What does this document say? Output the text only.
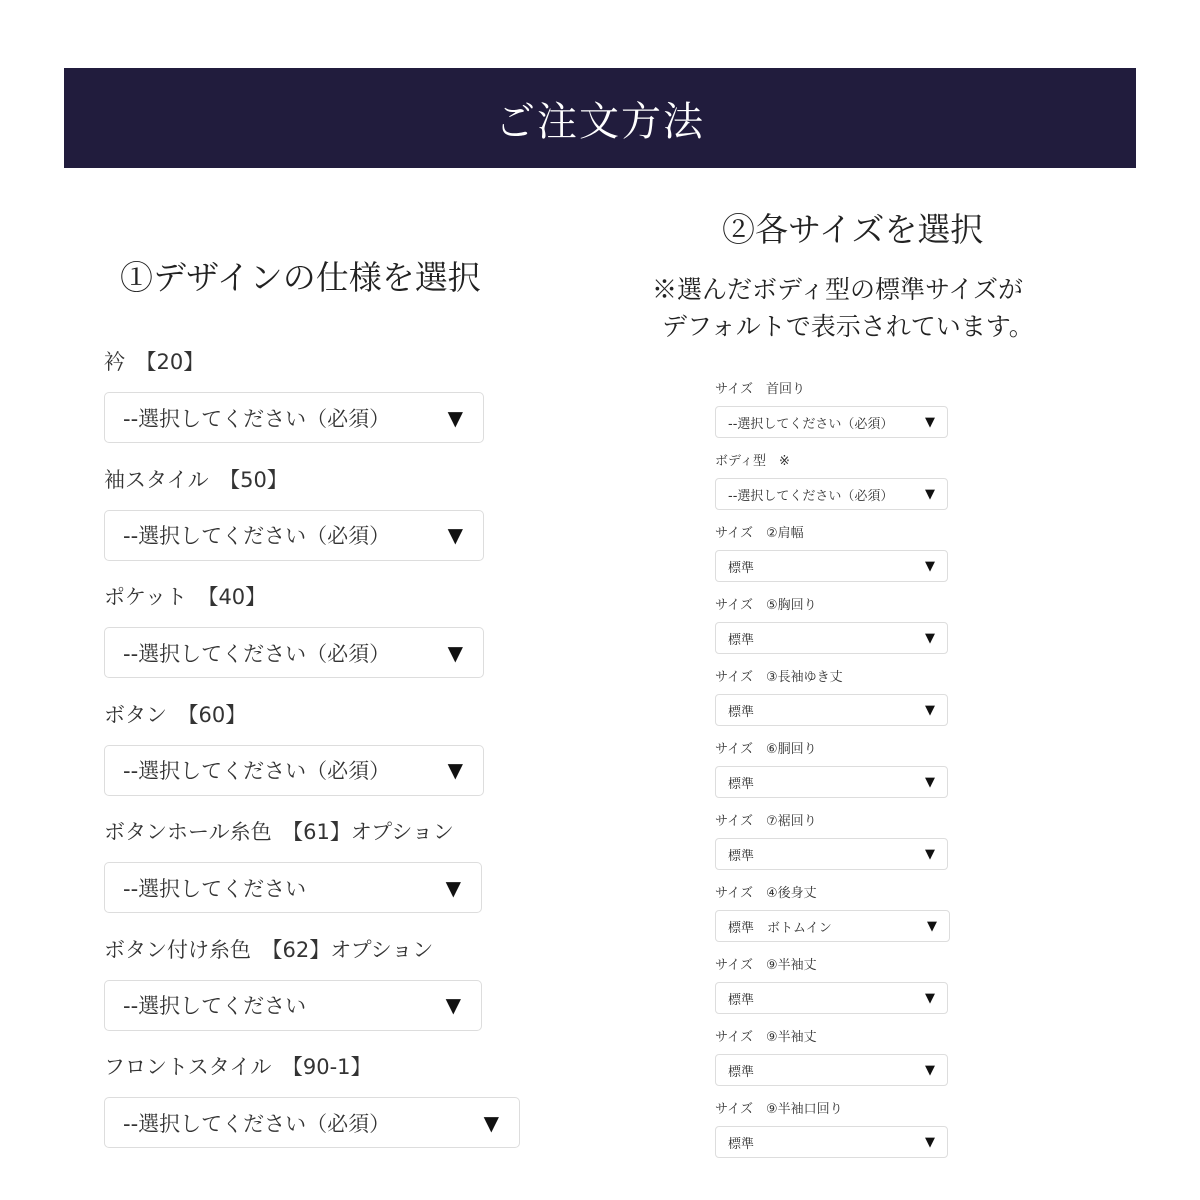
ご注文方法
①デザインの仕様を選択
②各サイズを選択
※選んだボディ型の標準サイズが
デフォルトで表示されています。
衿　【20】
--選択してください（必須）	▼
袖スタイル　【50】
--選択してください（必須）	▼
ポケット　【40】
--選択してください（必須）	▼
ボタン　【60】
--選択してください（必須）	▼
ボタンホール糸色　【61】オプション
--選択してください	▼
ボタン付け糸色　【62】オプション
--選択してください	▼
フロントスタイル　【90-1】
--選択してください（必須）	▼
サイズ　首回り
--選択してください（必須） ▼
ボディ型　※
--選択してください（必須） ▼
サイズ　②肩幅
標準	▼
サイズ　⑤胸回り
標準	▼
サイズ　③長袖ゆき丈
標準	▼
サイズ　⑥胴回り
標準	▼
サイズ　⑦裾回り
標準	▼
サイズ　④後身丈
標準　ボトムイン	▼
サイズ　⑨半袖丈
標準	▼
サイズ　⑨半袖丈
標準	▼
サイズ　⑨半袖口回り
標準	▼
